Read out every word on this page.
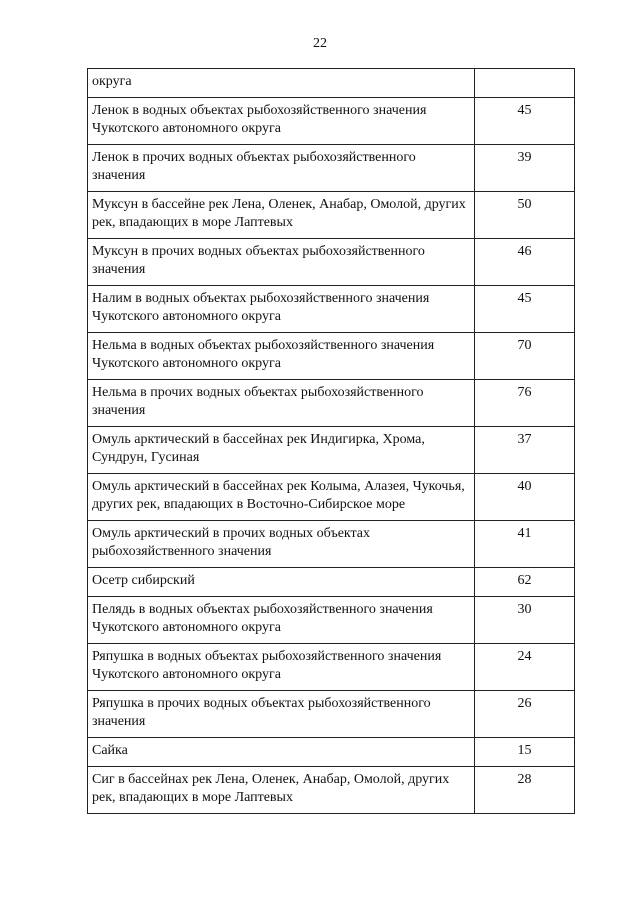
22
округа	
Ленок в водных объектах рыбохозяйственного значения Чукотского автономного округа	45
Ленок в прочих водных объектах рыбохозяйственного значения	39
Муксун в бассейне рек Лена, Оленек, Анабар, Омолой, других рек, впадающих в море Лаптевых	50
Муксун в прочих водных объектах рыбохозяйственного значения	46
Налим в водных объектах рыбохозяйственного значения Чукотского автономного округа	45
Нельма в водных объектах рыбохозяйственного значения Чукотского автономного округа	70
Нельма в прочих водных объектах рыбохозяйственного значения	76
Омуль арктический в бассейнах рек Индигирка, Хрома, Сундрун, Гусиная	37
Омуль арктический в бассейнах рек Колыма, Алазея, Чукочья, других рек, впадающих в Восточно-Сибирское море	40
Омуль арктический в прочих водных объектах рыбохозяйственного значения	41
Осетр сибирский	62
Пелядь в водных объектах рыбохозяйственного значения Чукотского автономного округа	30
Ряпушка в водных объектах рыбохозяйственного значения Чукотского автономного округа	24
Ряпушка в прочих водных объектах рыбохозяйственного значения	26
Сайка	15
Сиг в бассейнах рек Лена, Оленек, Анабар, Омолой, других рек, впадающих в море Лаптевых	28
